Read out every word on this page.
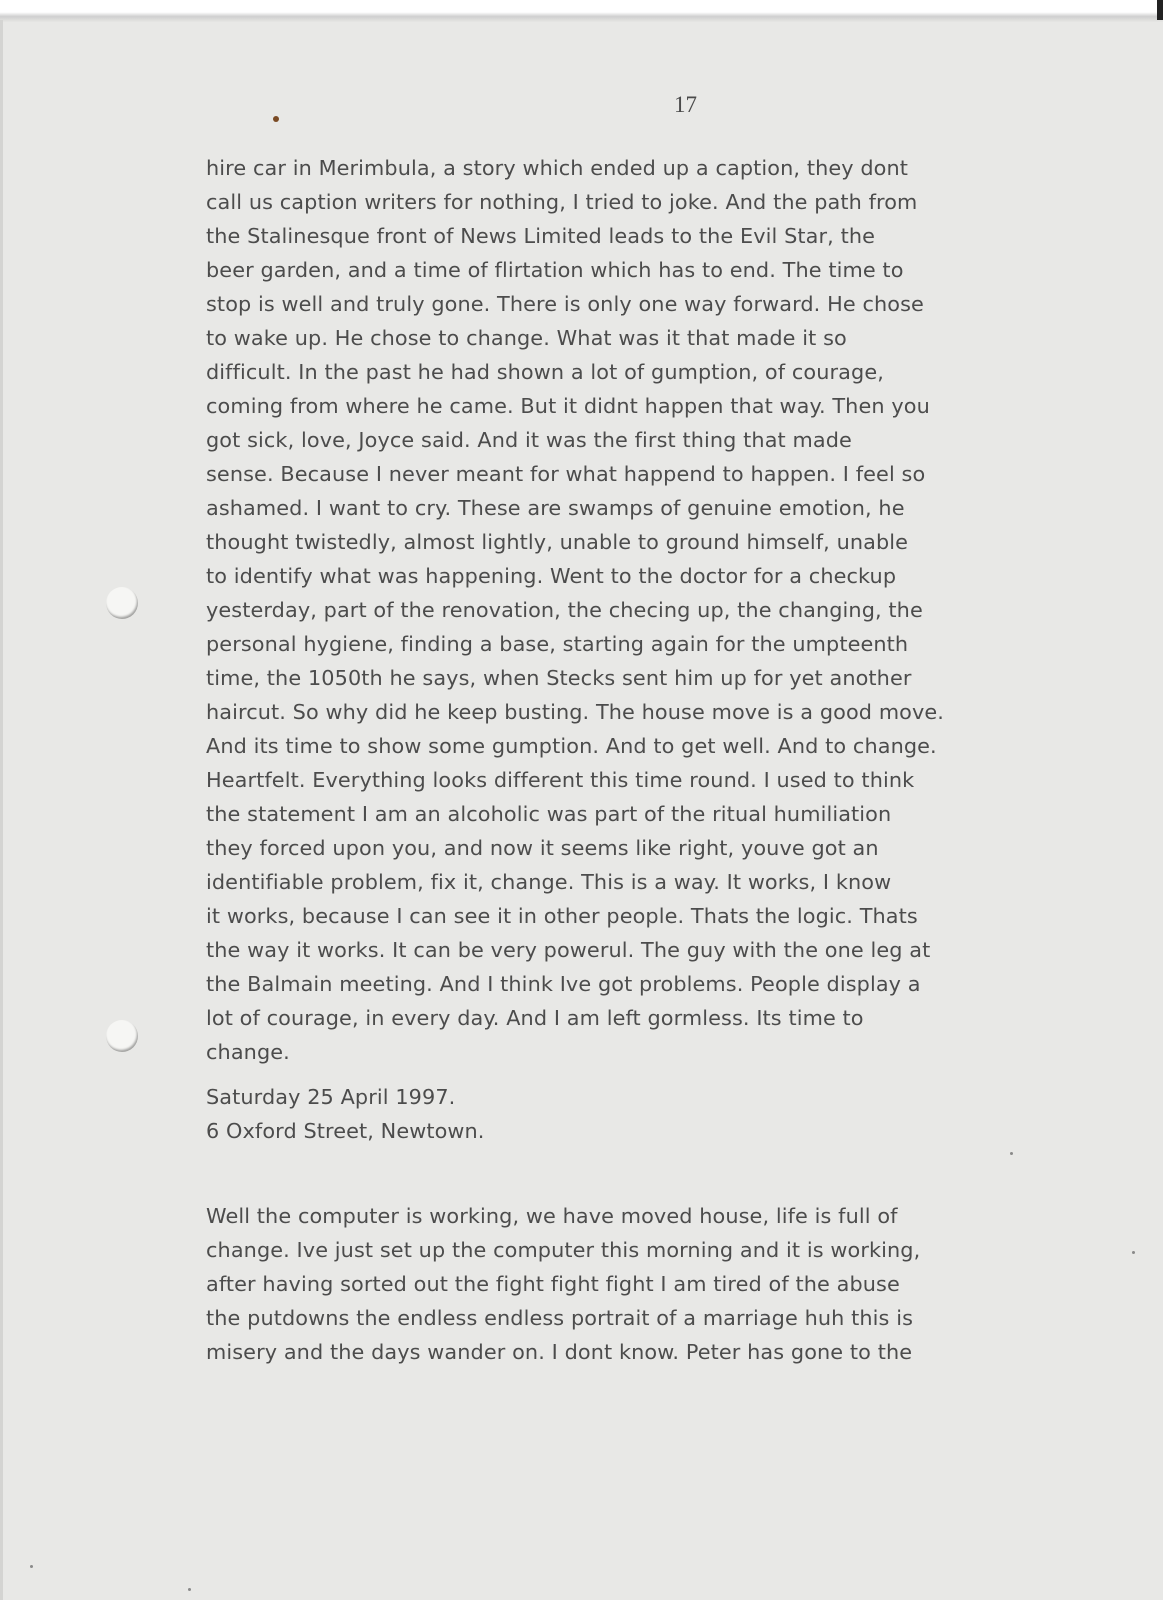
17
hire car in Merimbula, a story which ended up a caption, they dont
call us caption writers for nothing, I tried to joke. And the path from
the Stalinesque front of News Limited leads to the Evil Star, the
beer garden, and a time of flirtation which has to end. The time to
stop is well and truly gone. There is only one way forward. He chose
to wake up. He chose to change. What was it that made it so
difficult. In the past he had shown a lot of gumption, of courage,
coming from where he came. But it didnt happen that way. Then you
got sick, love, Joyce said. And it was the first thing that made
sense. Because I never meant for what happend to happen. I feel so
ashamed. I want to cry. These are swamps of genuine emotion, he
thought twistedly, almost lightly, unable to ground himself, unable
to identify what was happening. Went to the doctor for a checkup
yesterday, part of the renovation, the checing up, the changing, the
personal hygiene, finding a base, starting again for the umpteenth
time, the 1050th he says, when Stecks sent him up for yet another
haircut. So why did he keep busting. The house move is a good move.
And its time to show some gumption. And to get well. And to change.
Heartfelt. Everything looks different this time round. I used to think
the statement I am an alcoholic was part of the ritual humiliation
they forced upon you, and now it seems like right, youve got an
identifiable problem, fix it, change. This is a way. It works, I know
it works, because I can see it in other people. Thats the logic. Thats
the way it works. It can be very powerul. The guy with the one leg at
the Balmain meeting. And I think Ive got problems. People display a
lot of courage, in every day. And I am left gormless. Its time to
change.
Saturday 25 April 1997.
6 Oxford Street, Newtown.
Well the computer is working, we have moved house, life is full of
change. Ive just set up the computer this morning and it is working,
after having sorted out the fight fight fight I am tired of the abuse
the putdowns the endless endless portrait of a marriage huh this is
misery and the days wander on. I dont know. Peter has gone to the
